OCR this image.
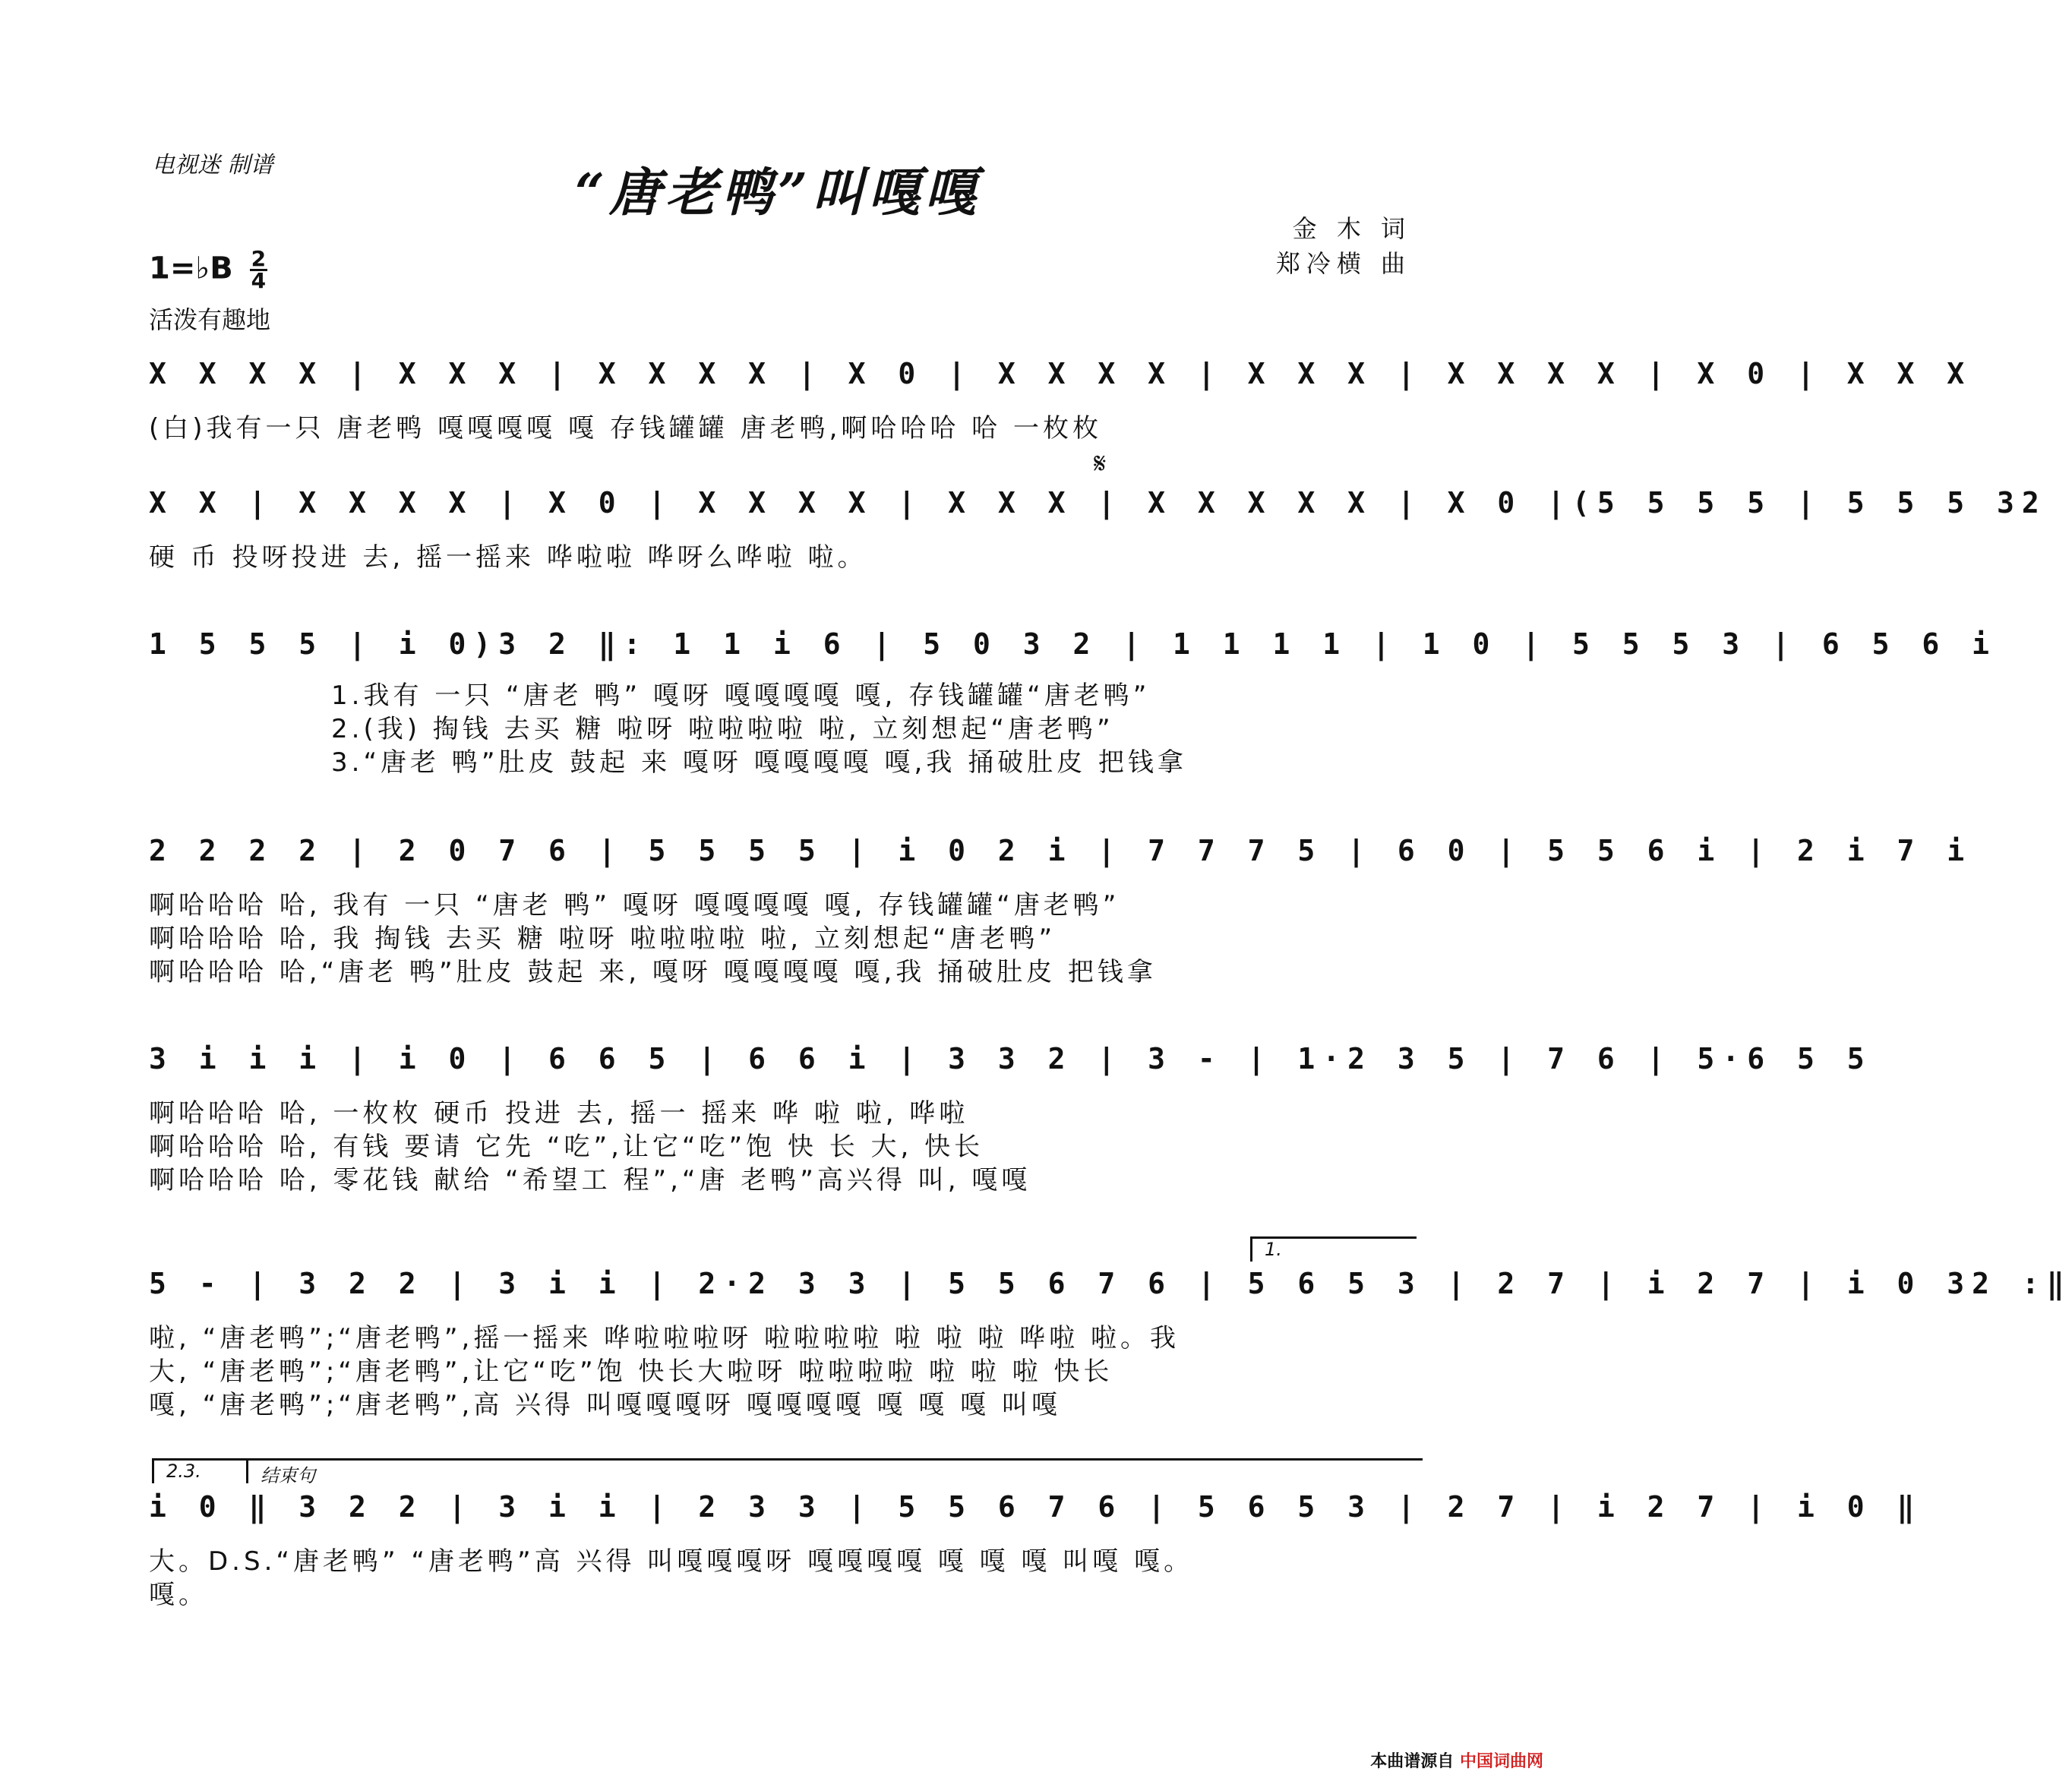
电视迷 制谱	“唐老鸭”叫嘎嘎
金 木 词
郑冷横 曲
1=♭B $\frac{2}{4}$
活泼有趣地
X X X X | X X X | X X X X | X 0 | X X X X | X X X | X X X X | X 0 | X X X
(白)我有一只 唐老鸭 嘎嘎嘎嘎 嘎 存钱罐罐 唐老鸭,啊哈哈哈 哈 一枚枚
𝄋
X X | X X X X | X 0 | X X X X | X X X | X X X X X | X 0 |(5 5 5 5 | 5 5 5 32
硬 币 投呀投进 去, 摇一摇来 哗啦啦 哗呀么哗啦 啦。
1 5 5 5 | i 0)3 2 ‖: 1 1 i 6 | 5 0 3 2 | 1 1 1 1 | 1 0 | 5 5 5 3 | 6 5 6 i
1.我有 一只 “唐老 鸭” 嘎呀 嘎嘎嘎嘎 嘎, 存钱罐罐“唐老鸭”
2.(我) 掏钱 去买 糖 啦呀 啦啦啦啦 啦, 立刻想起“唐老鸭”
3.“唐老 鸭”肚皮 鼓起 来 嘎呀 嘎嘎嘎嘎 嘎,我 捅破肚皮 把钱拿
2 2 2 2 | 2 0 7 6 | 5 5 5 5 | i 0 2 i | 7 7 7 5 | 6 0 | 5 5 6 i | 2 i 7 i
啊哈哈哈 哈, 我有 一只 “唐老 鸭” 嘎呀 嘎嘎嘎嘎 嘎, 存钱罐罐“唐老鸭”
啊哈哈哈 哈, 我 掏钱 去买 糖 啦呀 啦啦啦啦 啦, 立刻想起“唐老鸭”
啊哈哈哈 哈,“唐老 鸭”肚皮 鼓起 来, 嘎呀 嘎嘎嘎嘎 嘎,我 捅破肚皮 把钱拿
3 i i i | i 0 | 6 6 5 | 6 6 i | 3 3 2 | 3 - | 1·2 3 5 | 7 6 | 5·6 5 5
啊哈哈哈 哈, 一枚枚 硬币 投进 去, 摇一 摇来 哗 啦 啦, 哗啦
啊哈哈哈 哈, 有钱 要请 它先 “吃”,让它“吃”饱 快 长 大, 快长
啊哈哈哈 哈, 零花钱 献给 “希望工 程”,“唐 老鸭”高兴得 叫, 嘎嘎
1.
5 - | 3 2 2 | 3 i i | 2·2 3 3 | 5 5 6 7 6 | 5 6 5 3 | 2 7 | i 2 7 | i 0 32 :‖
啦, “唐老鸭”;“唐老鸭”,摇一摇来 哗啦啦啦呀 啦啦啦啦 啦 啦 啦 哗啦 啦。我
大, “唐老鸭”;“唐老鸭”,让它“吃”饱 快长大啦呀 啦啦啦啦 啦 啦 啦 快长
嘎, “唐老鸭”;“唐老鸭”,高 兴得 叫嘎嘎嘎呀 嘎嘎嘎嘎 嘎 嘎 嘎 叫嘎
2.3.	结束句
i 0 ‖ 3 2 2 | 3 i i | 2 3 3 | 5 5 6 7 6 | 5 6 5 3 | 2 7 | i 2 7 | i 0 ‖
大。D.S.“唐老鸭” “唐老鸭”高 兴得 叫嘎嘎嘎呀 嘎嘎嘎嘎 嘎 嘎 嘎 叫嘎 嘎。
嘎。
本曲谱源自 中国词曲网
